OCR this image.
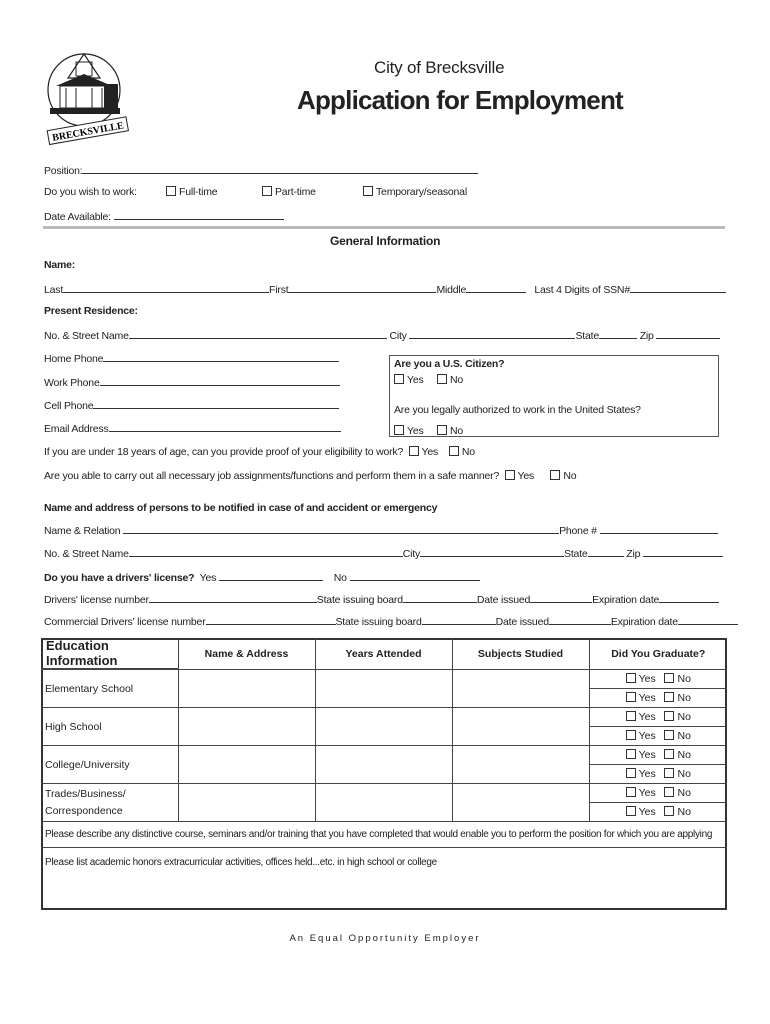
BRECKSVILLE
City of Brecksville
Application for Employment
Position:
Do you wish to work:	Full-time	Part-time	Temporary/seasonal
Date Available:
General Information
Name:
Last	First	Middle	Last 4 Digits of SSN#
Present Residence:
No. & Street Name	City	State	Zip
Home Phone
Work Phone
Cell Phone
Email Address
Are you a U.S. Citizen?
Yes	No
Are you legally authorized to work in the United States?
Yes	No
If you are under 18 years of age, can you provide proof of your eligibility to work? Yes No
Are you able to carry out all necessary job assignments/functions and perform them in a safe manner? Yes	No
Name and address of persons to be notified in case of and accident or emergency
Name & Relation	Phone #
No. & Street Name	City	State	Zip
Do you have a drivers' license? Yes	No
Drivers' license number	State issuing board	Date issued	Expiration date
Commercial Drivers' license number	State issuing board	Date issued	Expiration date
Education Information	Name & Address	Years Attended	Subjects Studied	Did You Graduate?

Elementary School				Yes No
				Yes No
High School				Yes No
				Yes No
College/University				Yes No
				Yes No
Trades/Business/
Correspondence				Yes No
				Yes No
Please describe any distinctive course, seminars and/or training that you have completed that would enable you to perform the position for which you are applying				
Please list academic honors extracurricular activities, offices held...etc. in high school or college				
An Equal Opportunity Employer
